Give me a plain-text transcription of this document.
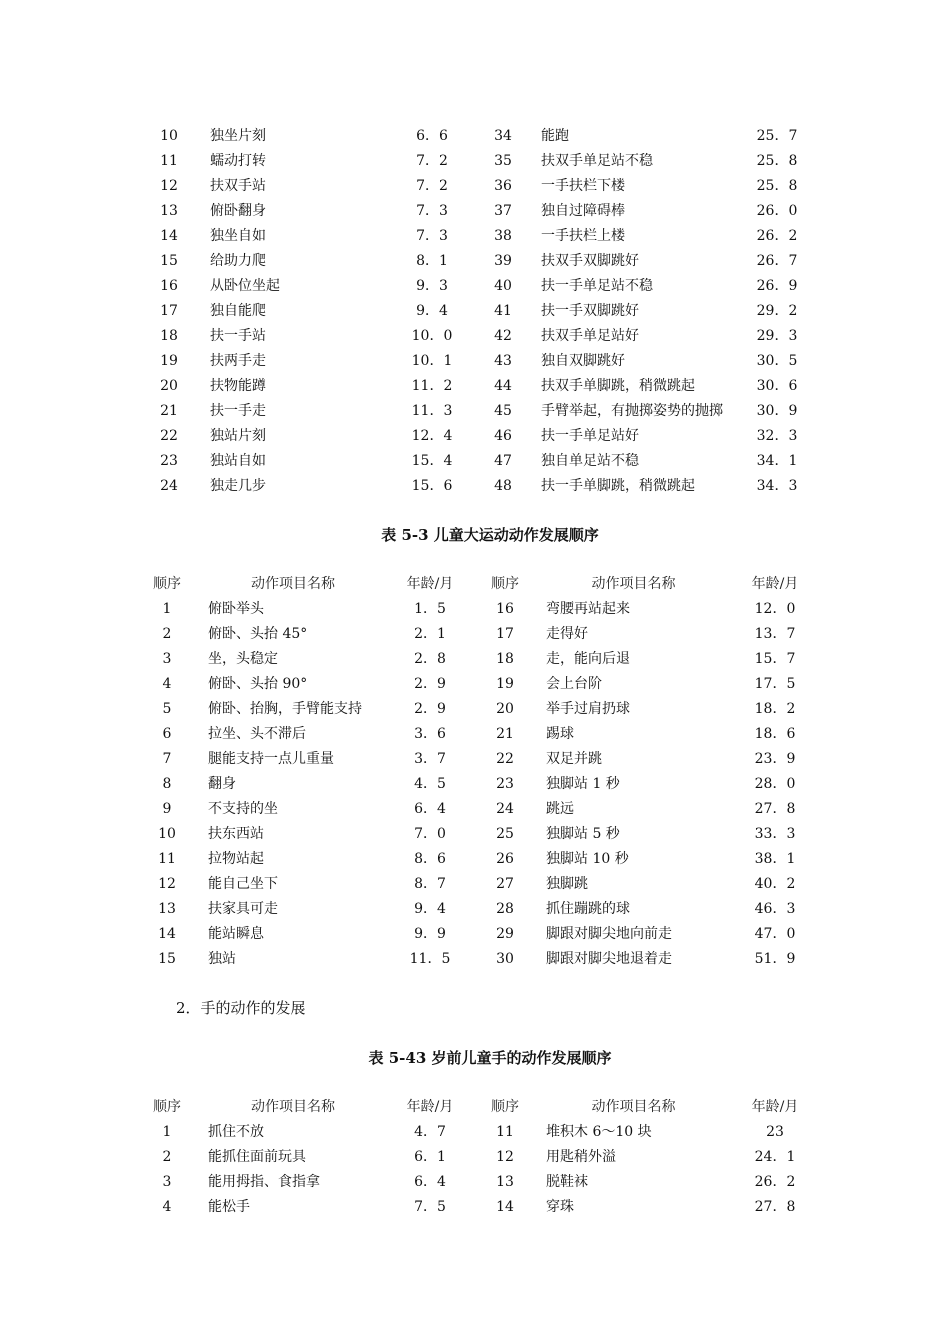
10	独坐片刻	6．6	34	能跑	25．7
11	蠕动打转	7．2	35	扶双手单足站不稳	25．8
12	扶双手站	7．2	36	一手扶栏下楼	25．8
13	俯卧翻身	7．3	37	独自过障碍棒	26．0
14	独坐自如	7．3	38	一手扶栏上楼	26．2
15	给助力爬	8．1	39	扶双手双脚跳好	26．7
16	从卧位坐起	9．3	40	扶一手单足站不稳	26．9
17	独自能爬	9．4	41	扶一手双脚跳好	29．2
18	扶一手站	10．0	42	扶双手单足站好	29．3
19	扶两手走	10．1	43	独自双脚跳好	30．5
20	扶物能蹲	11．2	44	扶双手单脚跳，稍微跳起	30．6
21	扶一手走	11．3	45	手臂举起，有抛掷姿势的抛掷	30．9
22	独站片刻	12．4	46	扶一手单足站好	32．3
23	独站自如	15．4	47	独自单足站不稳	34．1
24	独走几步	15．6	48	扶一手单脚跳，稍微跳起	34．3
表 5-3 儿童大运动动作发展顺序
顺序	动作项目名称	年龄/月	顺序	动作项目名称	年龄/月
1	俯卧举头	1．5	16	弯腰再站起来	12．0
2	俯卧、头抬 45°	2．1	17	走得好	13．7
3	坐，头稳定	2．8	18	走，能向后退	15．7
4	俯卧、头抬 90°	2．9	19	会上台阶	17．5
5	俯卧、抬胸，手臂能支持	2．9	20	举手过肩扔球	18．2
6	拉坐、头不滞后	3．6	21	踢球	18．6
7	腿能支持一点儿重量	3．7	22	双足并跳	23．9
8	翻身	4．5	23	独脚站 1 秒	28．0
9	不支持的坐	6．4	24	跳远	27．8
10	扶东西站	7．0	25	独脚站 5 秒	33．3
11	拉物站起	8．6	26	独脚站 10 秒	38．1
12	能自己坐下	8．7	27	独脚跳	40．2
13	扶家具可走	9．4	28	抓住蹦跳的球	46．3
14	能站瞬息	9．9	29	脚跟对脚尖地向前走	47．0
15	独站	11．5	30	脚跟对脚尖地退着走	51．9
2．手的动作的发展
表 5-43 岁前儿童手的动作发展顺序
顺序	动作项目名称	年龄/月	顺序	动作项目名称	年龄/月
1	抓住不放	4．7	11	堆积木 6～10 块	23
2	能抓住面前玩具	6．1	12	用匙稍外溢	24．1
3	能用拇指、食指拿	6．4	13	脱鞋袜	26．2
4	能松手	7．5	14	穿珠	27．8
